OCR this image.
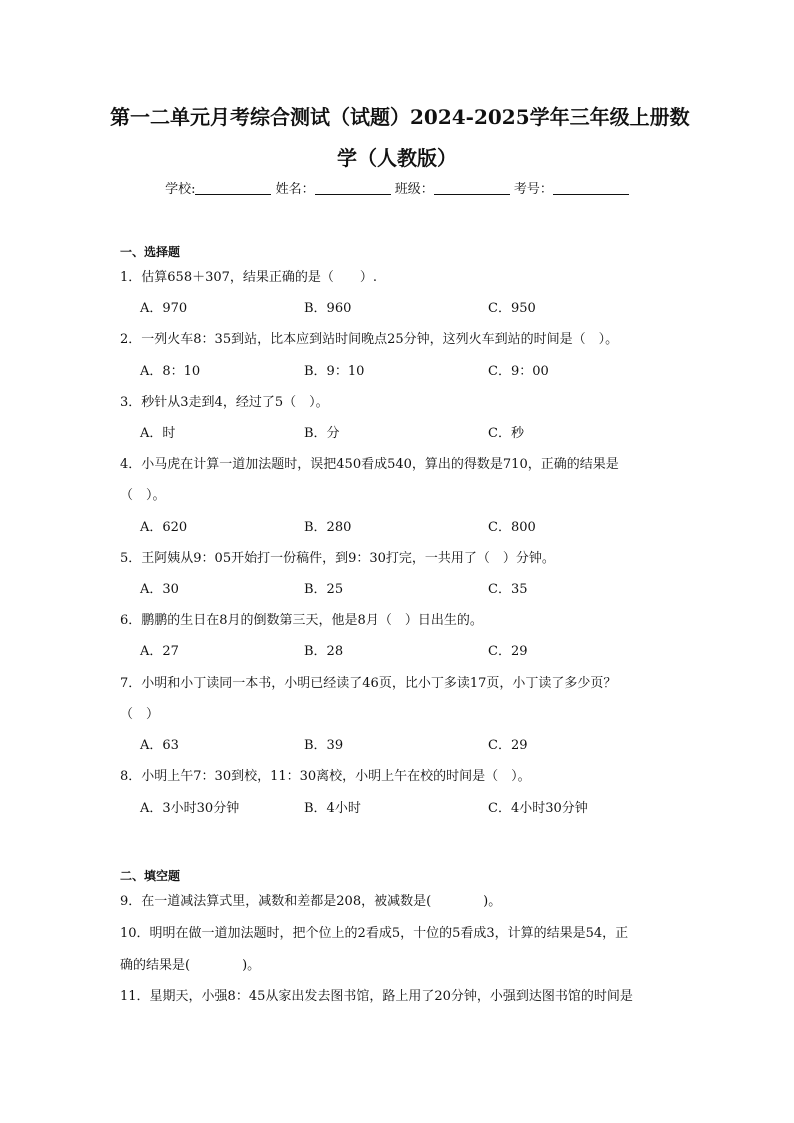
第一二单元月考综合测试（试题）2024-2025学年三年级上册数
学（人教版）
学校:	姓名：	班级：	考号：
一、选择题
1．估算658＋307，结果正确的是（　　）.
A．970	B．960	C．950
2．一列火车8：35到站，比本应到站时间晚点25分钟，这列火车到站的时间是（　）。
A．8：10	B．9：10	C．9：00
3．秒针从3走到4，经过了5（　）。
A．时	B．分	C．秒
4．小马虎在计算一道加法题时，误把450看成540，算出的得数是710，正确的结果是
（　）。
A．620	B．280	C．800
5．王阿姨从9：05开始打一份稿件，到9：30打完，一共用了（　）分钟。
A．30	B．25	C．35
6．鹏鹏的生日在8月的倒数第三天，他是8月（　）日出生的。
A．27	B．28	C．29
7．小明和小丁读同一本书，小明已经读了46页，比小丁多读17页，小丁读了多少页？
（　）
A．63	B．39	C．29
8．小明上午7：30到校，11：30离校，小明上午在校的时间是（　）。
A．3小时30分钟	B．4小时	C．4小时30分钟
二、填空题
9．在一道减法算式里，减数和差都是208，被减数是(　　　　)。
10．明明在做一道加法题时，把个位上的2看成5，十位的5看成3，计算的结果是54，正
确的结果是(　　　　)。
11．星期天，小强8：45从家出发去图书馆，路上用了20分钟，小强到达图书馆的时间是
